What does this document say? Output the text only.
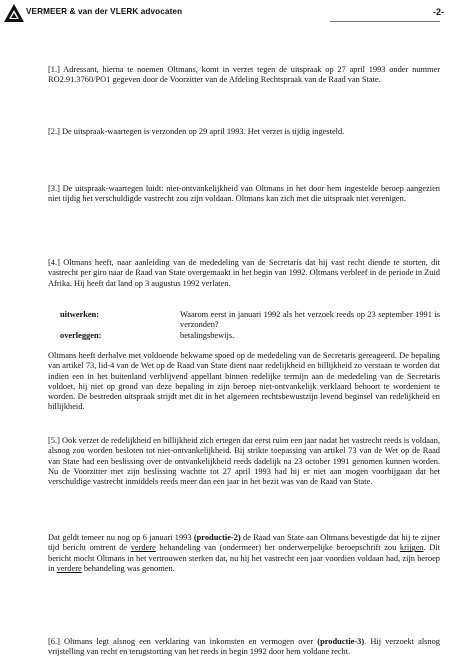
VERMEER & van der VLERK advocaten	-2-

[1.] Adressant, hierna te noemen Oltmans, komt in verzet tegen de uitspraak op 27 april 1993 onder nummer RO2.91.3760/PO1 gegeven door de Voorzitter van de Afdeling Rechtspraak van de Raad van State.

[2.] De uitspraak-waartegen is verzonden op 29 april 1993. Het verzet is tijdig ingesteld.

[3.] De uitspraak-waartegen luidt: niet-ontvankelijkheid van Oltmans in het door hem ingestelde beroep aangezien niet tijdig het verschuldigde vastrecht zou zijn voldaan. Oltmans kan zich met die uitspraak niet verenigen.

[4.] Oltmans heeft, naar aanleiding van de mededeling van de Secretaris dat hij vast recht diende te storten, dit vastrecht per giro naar de Raad van State overgemaakt in het begin van 1992. Oltmans verbleef in de periode in Zuid Afrika. Hij heeft dat land op 3 augustus 1992 verlaten.

uitwerken:	Waarom eerst in januari 1992 als het verzoek reeds op 23 september 1991 is verzonden?
overleggen:	betalingsbewijs.

Oltmans heeft derhalve met voldoende bekwame spoed op de mededeling van de Secretaris gereageerd. De bepaling van artikel 73, lid-4 van de Wet op de Raad van State dient naar redelijkheid en billijkheid zo verstaan te worden dat indien een in het buitenland verblijvend appellant binnen redelijke termijn aan de mededeling van de Secretaris voldoet, hij niet op grond van deze bepaling in zijn beroep niet-ontvankelijk verklaard behoort te wordenient te worden. De bestreden uitspraak strijdt met dit in het algemeen rechtsbewustzijn levend beginsel van redelijkheid en billijkheid.

[5.] Ook verzet de redelijkheid en billijkheid zich ertegen dat eerst ruim een jaar nadat het vastrecht reeds is voldaan, alsnog zou worden besloten tot niet-ontvankelijkheid. Bij strikte toepassing van artikel 73 van de Wet op de Raad van State had een beslissing over de ontvankelijkheid reeds dadelijk na 23 october 1991 genomen kunnen worden. Nu de Voorzitter met zijn beslissing wachtte tot 27 april 1993 had hij er niet aan mogen voorbijgaan dat het verschuldige vastrecht inmiddels reeds meer dan een jaar in het bezit was van de Raad van State.

Dat geldt temeer nu nog op 6 januari 1993 (productie-2) de Raad van State aan Oltmans bevestigde dat hij te zijner tijd bericht omtrent de verdere behandeling van (ondermeer) het onderwerpelijke beroepschrift zou krijgen. Dit bericht mocht Oltmans in het vertrouwen sterken dat, nu hij het vastrecht een jaar voordien voldaan had, zijn beroep in verdere behandeling was genomen.

[6.] Oltmans legt alsnog een verklaring van inkomsten en vermogen over (productie-3). Hij verzoekt alsnog vrijstelling van recht en terugstorting van het reeds in begin 1992 door hem voldane recht.
